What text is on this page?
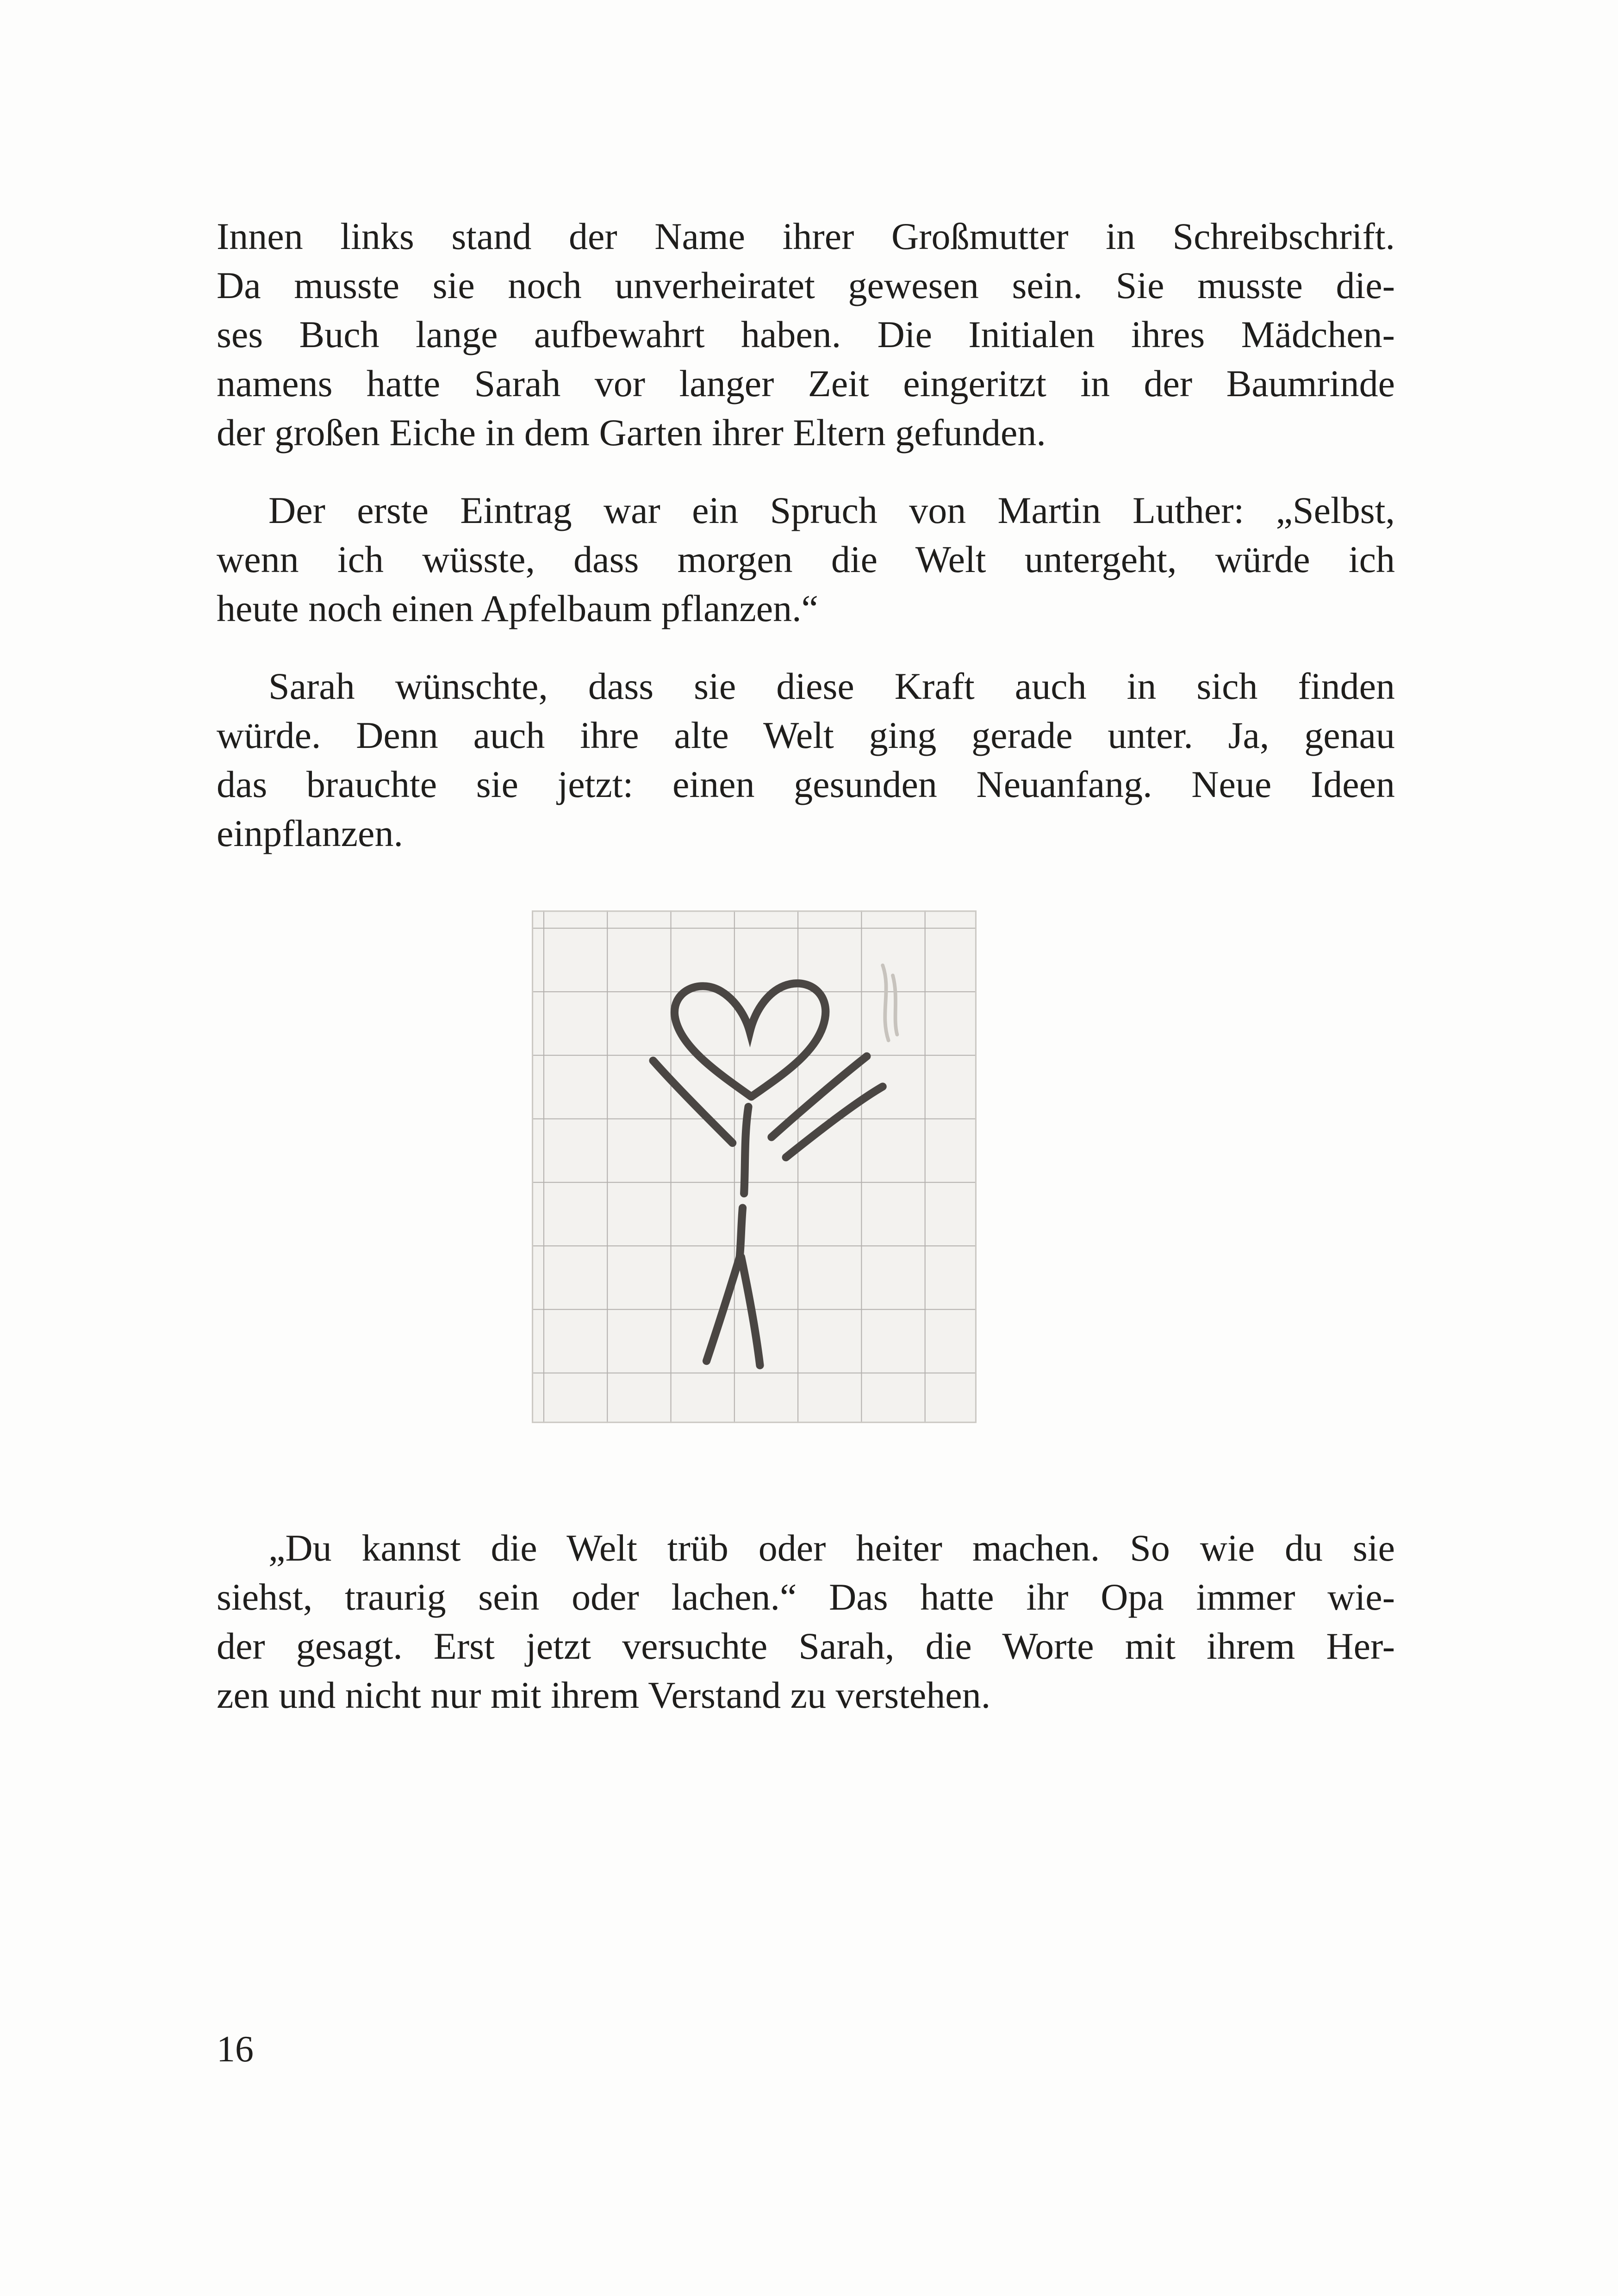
Innen links stand der Name ihrer Großmutter in Schreibschrift.
Da musste sie noch unverheiratet gewesen sein. Sie musste die-
ses Buch lange aufbewahrt haben. Die Initialen ihres Mädchen-
namens hatte Sarah vor langer Zeit eingeritzt in der Baumrinde
der großen Eiche in dem Garten ihrer Eltern gefunden.
Der erste Eintrag war ein Spruch von Martin Luther: „Selbst,
wenn ich wüsste, dass morgen die Welt untergeht, würde ich
heute noch einen Apfelbaum pflanzen.“
Sarah wünschte, dass sie diese Kraft auch in sich finden
würde. Denn auch ihre alte Welt ging gerade unter. Ja, genau
das brauchte sie jetzt: einen gesunden Neuanfang. Neue Ideen
einpflanzen.
„Du kannst die Welt trüb oder heiter machen. So wie du sie
siehst, traurig sein oder lachen.“ Das hatte ihr Opa immer wie-
der gesagt. Erst jetzt versuchte Sarah, die Worte mit ihrem Her-
zen und nicht nur mit ihrem Verstand zu verstehen.
16
